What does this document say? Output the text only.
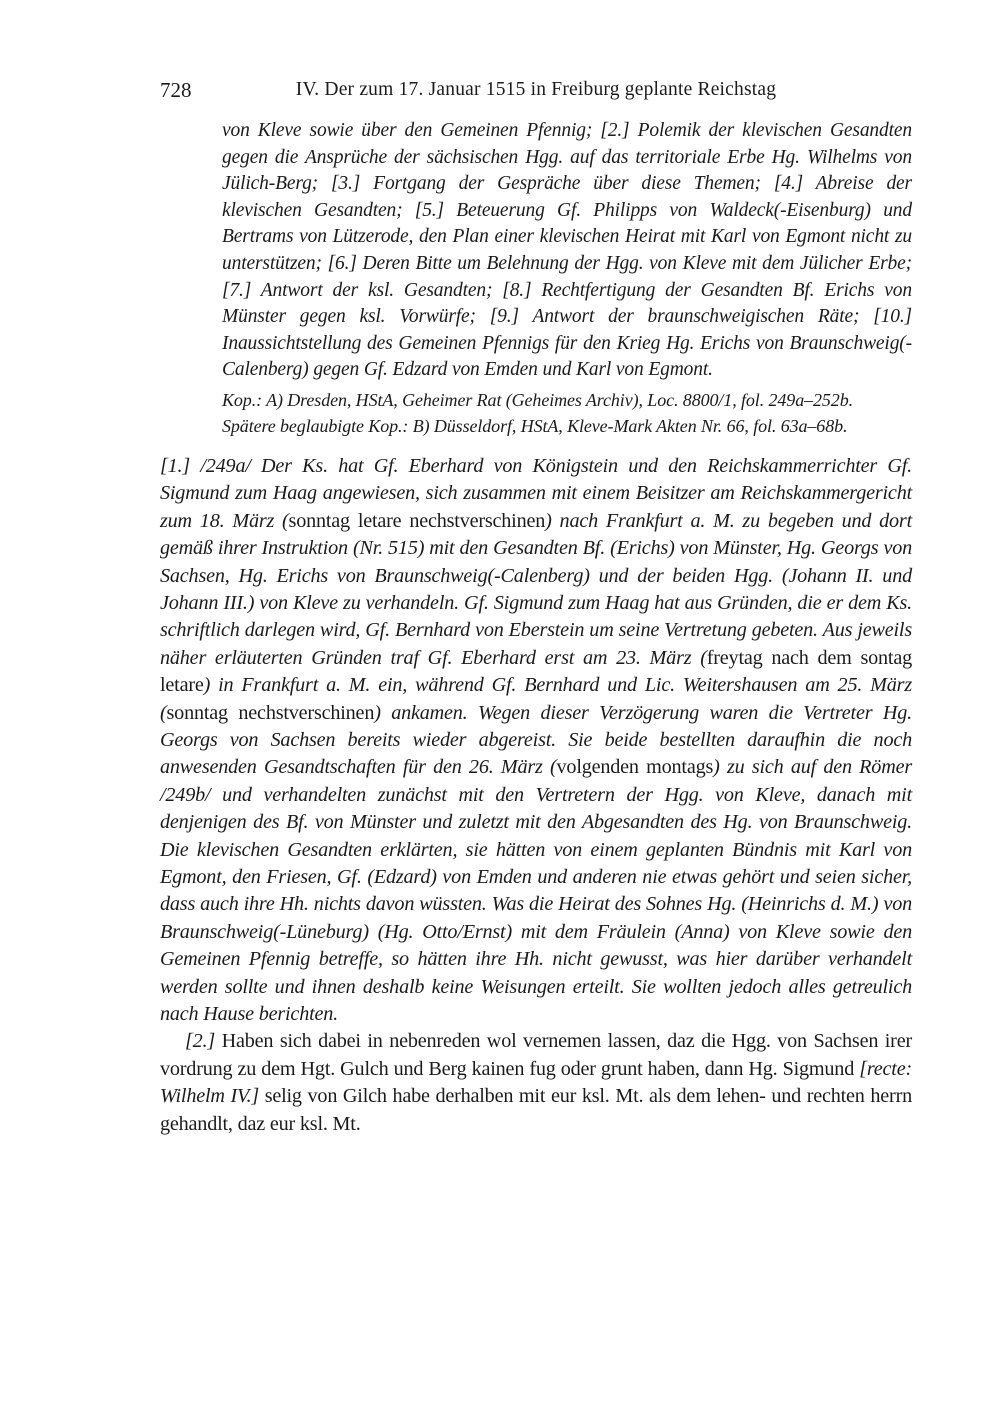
728	IV. Der zum 17. Januar 1515 in Freiburg geplante Reichstag

von Kleve sowie über den Gemeinen Pfennig; [2.] Polemik der klevischen Gesandten gegen die Ansprüche der sächsischen Hgg. auf das territoriale Erbe Hg. Wilhelms von Jülich-Berg; [3.] Fortgang der Gespräche über diese Themen; [4.] Abreise der klevischen Gesandten; [5.] Beteuerung Gf. Philipps von Waldeck(-Eisenburg) und Bertrams von Lützerode, den Plan einer klevischen Heirat mit Karl von Egmont nicht zu unterstützen; [6.] Deren Bitte um Belehnung der Hgg. von Kleve mit dem Jülicher Erbe; [7.] Antwort der ksl. Gesandten; [8.] Rechtfertigung der Gesandten Bf. Erichs von Münster gegen ksl. Vorwürfe; [9.] Antwort der braunschweigischen Räte; [10.] Inaussichtstellung des Gemeinen Pfennigs für den Krieg Hg. Erichs von Braunschweig(-Calenberg) gegen Gf. Edzard von Emden und Karl von Egmont.

Kop.: A) Dresden, HStA, Geheimer Rat (Geheimes Archiv), Loc. 8800/1, fol. 249a–252b.

Spätere beglaubigte Kop.: B) Düsseldorf, HStA, Kleve-Mark Akten Nr. 66, fol. 63a–68b.

[1.] /249a/ Der Ks. hat Gf. Eberhard von Königstein und den Reichskammerrichter Gf. Sigmund zum Haag angewiesen, sich zusammen mit einem Beisitzer am Reichskammergericht zum 18. März (sonntag letare nechstverschinen) nach Frankfurt a. M. zu begeben und dort gemäß ihrer Instruktion (Nr. 515) mit den Gesandten Bf. (Erichs) von Münster, Hg. Georgs von Sachsen, Hg. Erichs von Braunschweig(-Calenberg) und der beiden Hgg. (Johann II. und Johann III.) von Kleve zu verhandeln. Gf. Sigmund zum Haag hat aus Gründen, die er dem Ks. schriftlich darlegen wird, Gf. Bernhard von Eberstein um seine Vertretung gebeten. Aus jeweils näher erläuterten Gründen traf Gf. Eberhard erst am 23. März (freytag nach dem sontag letare) in Frankfurt a. M. ein, während Gf. Bernhard und Lic. Weitershausen am 25. März (sonntag nechstverschinen) ankamen. Wegen dieser Verzögerung waren die Vertreter Hg. Georgs von Sachsen bereits wieder abgereist. Sie beide bestellten daraufhin die noch anwesenden Gesandtschaften für den 26. März (volgenden montags) zu sich auf den Römer /249b/ und verhandelten zunächst mit den Vertretern der Hgg. von Kleve, danach mit denjenigen des Bf. von Münster und zuletzt mit den Abgesandten des Hg. von Braunschweig. Die klevischen Gesandten erklärten, sie hätten von einem geplanten Bündnis mit Karl von Egmont, den Friesen, Gf. (Edzard) von Emden und anderen nie etwas gehört und seien sicher, dass auch ihre Hh. nichts davon wüssten. Was die Heirat des Sohnes Hg. (Heinrichs d. M.) von Braunschweig(-Lüneburg) (Hg. Otto/Ernst) mit dem Fräulein (Anna) von Kleve sowie den Gemeinen Pfennig betreffe, so hätten ihre Hh. nicht gewusst, was hier darüber verhandelt werden sollte und ihnen deshalb keine Weisungen erteilt. Sie wollten jedoch alles getreulich nach Hause berichten.

[2.] Haben sich dabei in nebenreden wol vernemen lassen, daz die Hgg. von Sachsen irer vordrung zu dem Hgt. Gulch und Berg kainen fug oder grunt haben, dann Hg. Sigmund [recte: Wilhelm IV.] selig von Gilch habe derhalben mit eur ksl. Mt. als dem lehen- und rechten herrn gehandlt, daz eur ksl. Mt.
